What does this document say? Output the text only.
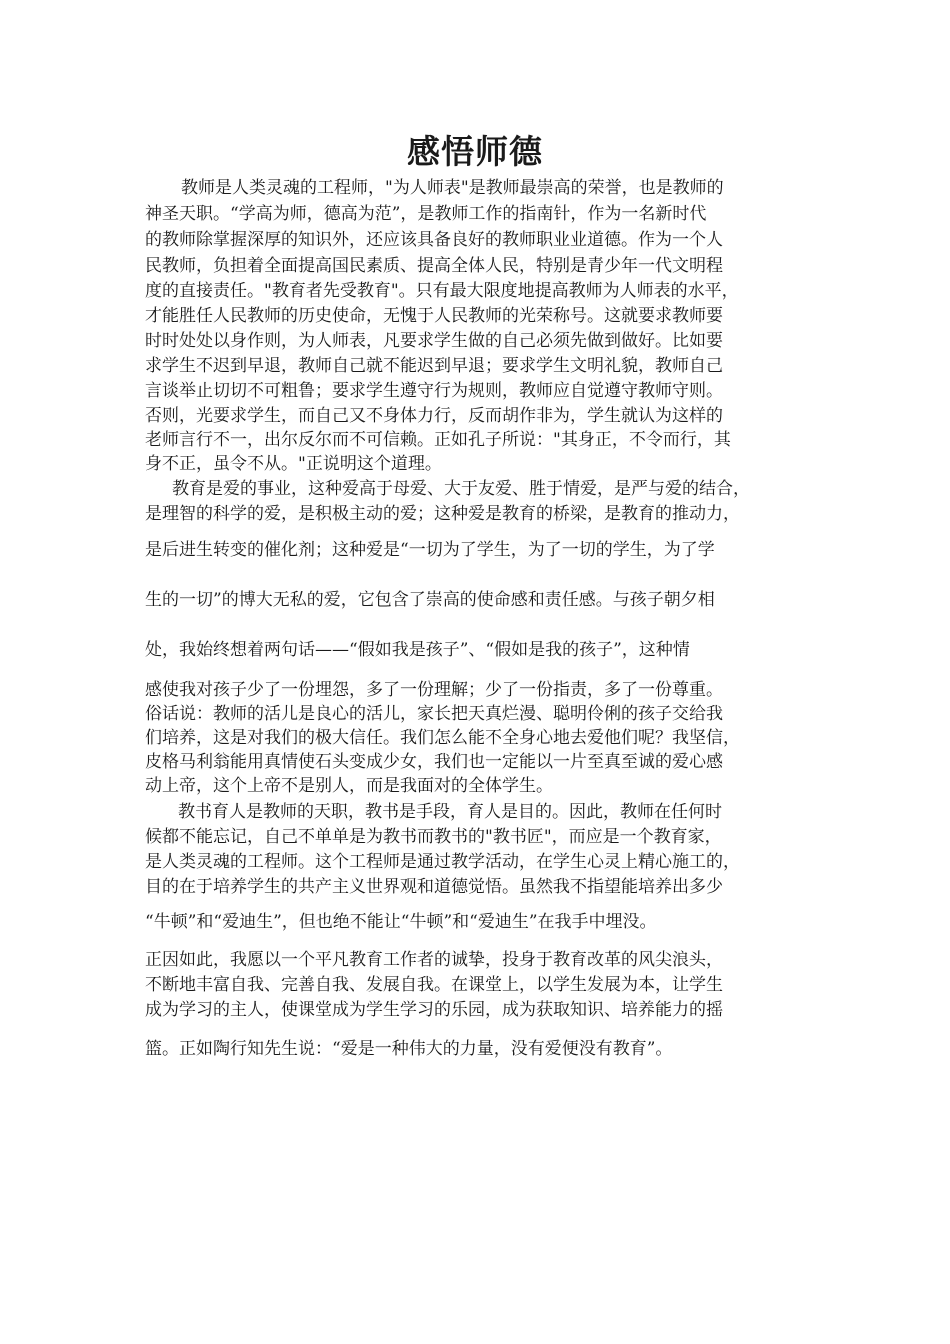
感悟师德

教师是人类灵魂的工程师，"为人师表"是教师最崇高的荣誉，也是教师的

神圣天职。“学高为师，德高为范”，是教师工作的指南针，作为一名新时代

的教师除掌握深厚的知识外，还应该具备良好的教师职业业道德。作为一个人

民教师，负担着全面提高国民素质、提高全体人民，特别是青少年一代文明程

度的直接责任。"教育者先受教育"。只有最大限度地提高教师为人师表的水平，

才能胜任人民教师的历史使命，无愧于人民教师的光荣称号。这就要求教师要

时时处处以身作则，为人师表，凡要求学生做的自己必须先做到做好。比如要

求学生不迟到早退，教师自己就不能迟到早退；要求学生文明礼貌，教师自己

言谈举止切切不可粗鲁；要求学生遵守行为规则，教师应自觉遵守教师守则。

否则，光要求学生，而自己又不身体力行，反而胡作非为，学生就认为这样的

老师言行不一，出尔反尔而不可信赖。正如孔子所说："其身正，不令而行，其

身不正，虽令不从。"正说明这个道理。

教育是爱的事业，这种爱高于母爱、大于友爱、胜于情爱，是严与爱的结合，

是理智的科学的爱，是积极主动的爱；这种爱是教育的桥梁，是教育的推动力，

是后进生转变的催化剂；这种爱是“一切为了学生，为了一切的学生，为了学

生的一切”的博大无私的爱，它包含了崇高的使命感和责任感。与孩子朝夕相

处，我始终想着两句话——“假如我是孩子”、“假如是我的孩子”，这种情

感使我对孩子少了一份埋怨，多了一份理解；少了一份指责，多了一份尊重。

俗话说：教师的活儿是良心的活儿，家长把天真烂漫、聪明伶俐的孩子交给我

们培养，这是对我们的极大信任。我们怎么能不全身心地去爱他们呢？我坚信，

皮格马利翁能用真情使石头变成少女，我们也一定能以一片至真至诚的爱心感

动上帝，这个上帝不是别人，而是我面对的全体学生。

教书育人是教师的天职，教书是手段，育人是目的。因此，教师在任何时

候都不能忘记，自己不单单是为教书而教书的"教书匠"，而应是一个教育家，

是人类灵魂的工程师。这个工程师是通过教学活动，在学生心灵上精心施工的，

目的在于培养学生的共产主义世界观和道德觉悟。虽然我不指望能培养出多少

“牛顿”和“爱迪生”，但也绝不能让“牛顿”和“爱迪生”在我手中埋没。

正因如此，我愿以一个平凡教育工作者的诚挚，投身于教育改革的风尖浪头，

不断地丰富自我、完善自我、发展自我。在课堂上，以学生发展为本，让学生

成为学习的主人，使课堂成为学生学习的乐园，成为获取知识、培养能力的摇

篮。正如陶行知先生说：“爱是一种伟大的力量，没有爱便没有教育”。
